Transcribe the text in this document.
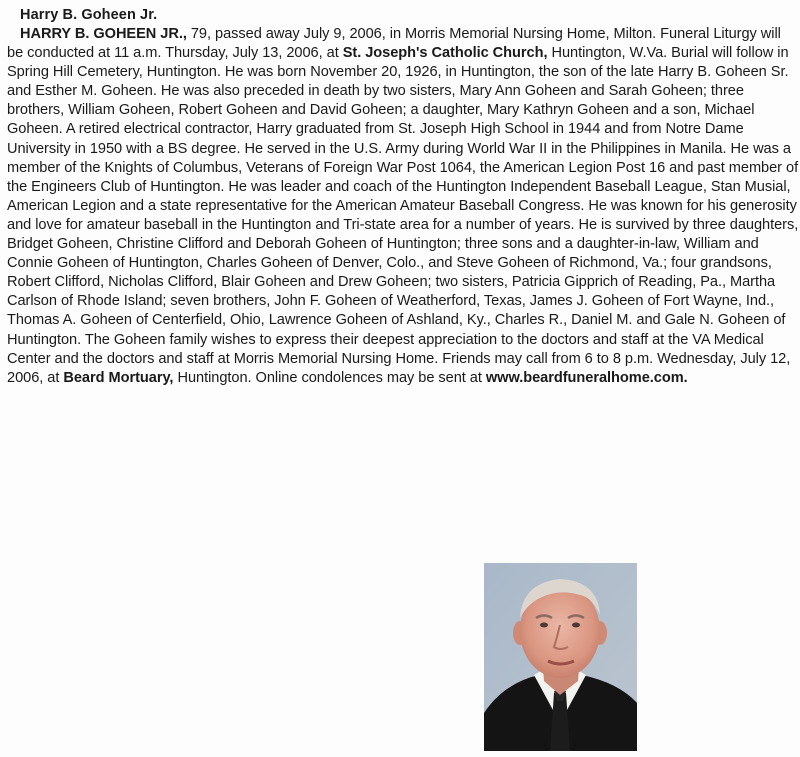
Harry B. Goheen Jr.
HARRY B. GOHEEN JR., 79, passed away July 9, 2006, in Morris Memorial Nursing Home, Milton. Funeral Liturgy will be conducted at 11 a.m. Thursday, July 13, 2006, at St. Joseph's Catholic Church, Huntington, W.Va. Burial will follow in Spring Hill Cemetery, Huntington. He was born November 20, 1926, in Huntington, the son of the late Harry B. Goheen Sr. and Esther M. Goheen. He was also preceded in death by two sisters, Mary Ann Goheen and Sarah Goheen; three brothers, William Goheen, Robert Goheen and David Goheen; a daughter, Mary Kathryn Goheen and a son, Michael Goheen. A retired electrical contractor, Harry graduated from St. Joseph High School in 1944 and from Notre Dame University in 1950 with a BS degree. He served in the U.S. Army during World War II in the Philippines in Manila. He was a member of the Knights of Columbus, Veterans of Foreign War Post 1064, the American Legion Post 16 and past member of the Engineers Club of Huntington. He was leader and coach of the Huntington Independent Baseball League, Stan Musial, American Legion and a state representative for the American Amateur Baseball Congress. He was known for his generosity and love for amateur baseball in the Huntington and Tri-state area for a number of years. He is survived by three daughters, Bridget Goheen, Christine Clifford and Deborah Goheen of Huntington; three sons and a daughter-in-law, William and Connie Goheen of Huntington, Charles Goheen of Denver, Colo., and Steve Goheen of Richmond, Va.; four grandsons, Robert Clifford, Nicholas Clifford, Blair Goheen and Drew Goheen; two sisters, Patricia Gipprich of Reading, Pa., Martha Carlson of Rhode Island; seven brothers, John F. Goheen of Weatherford, Texas, James J. Goheen of Fort Wayne, Ind., Thomas A. Goheen of Centerfield, Ohio, Lawrence Goheen of Ashland, Ky., Charles R., Daniel M. and Gale N. Goheen of Huntington. The Goheen family wishes to express their deepest appreciation to the doctors and staff at the VA Medical Center and the doctors and staff at Morris Memorial Nursing Home. Friends may call from 6 to 8 p.m. Wednesday, July 12, 2006, at Beard Mortuary, Huntington. Online condolences may be sent at www.beardfuneralhome.com.
